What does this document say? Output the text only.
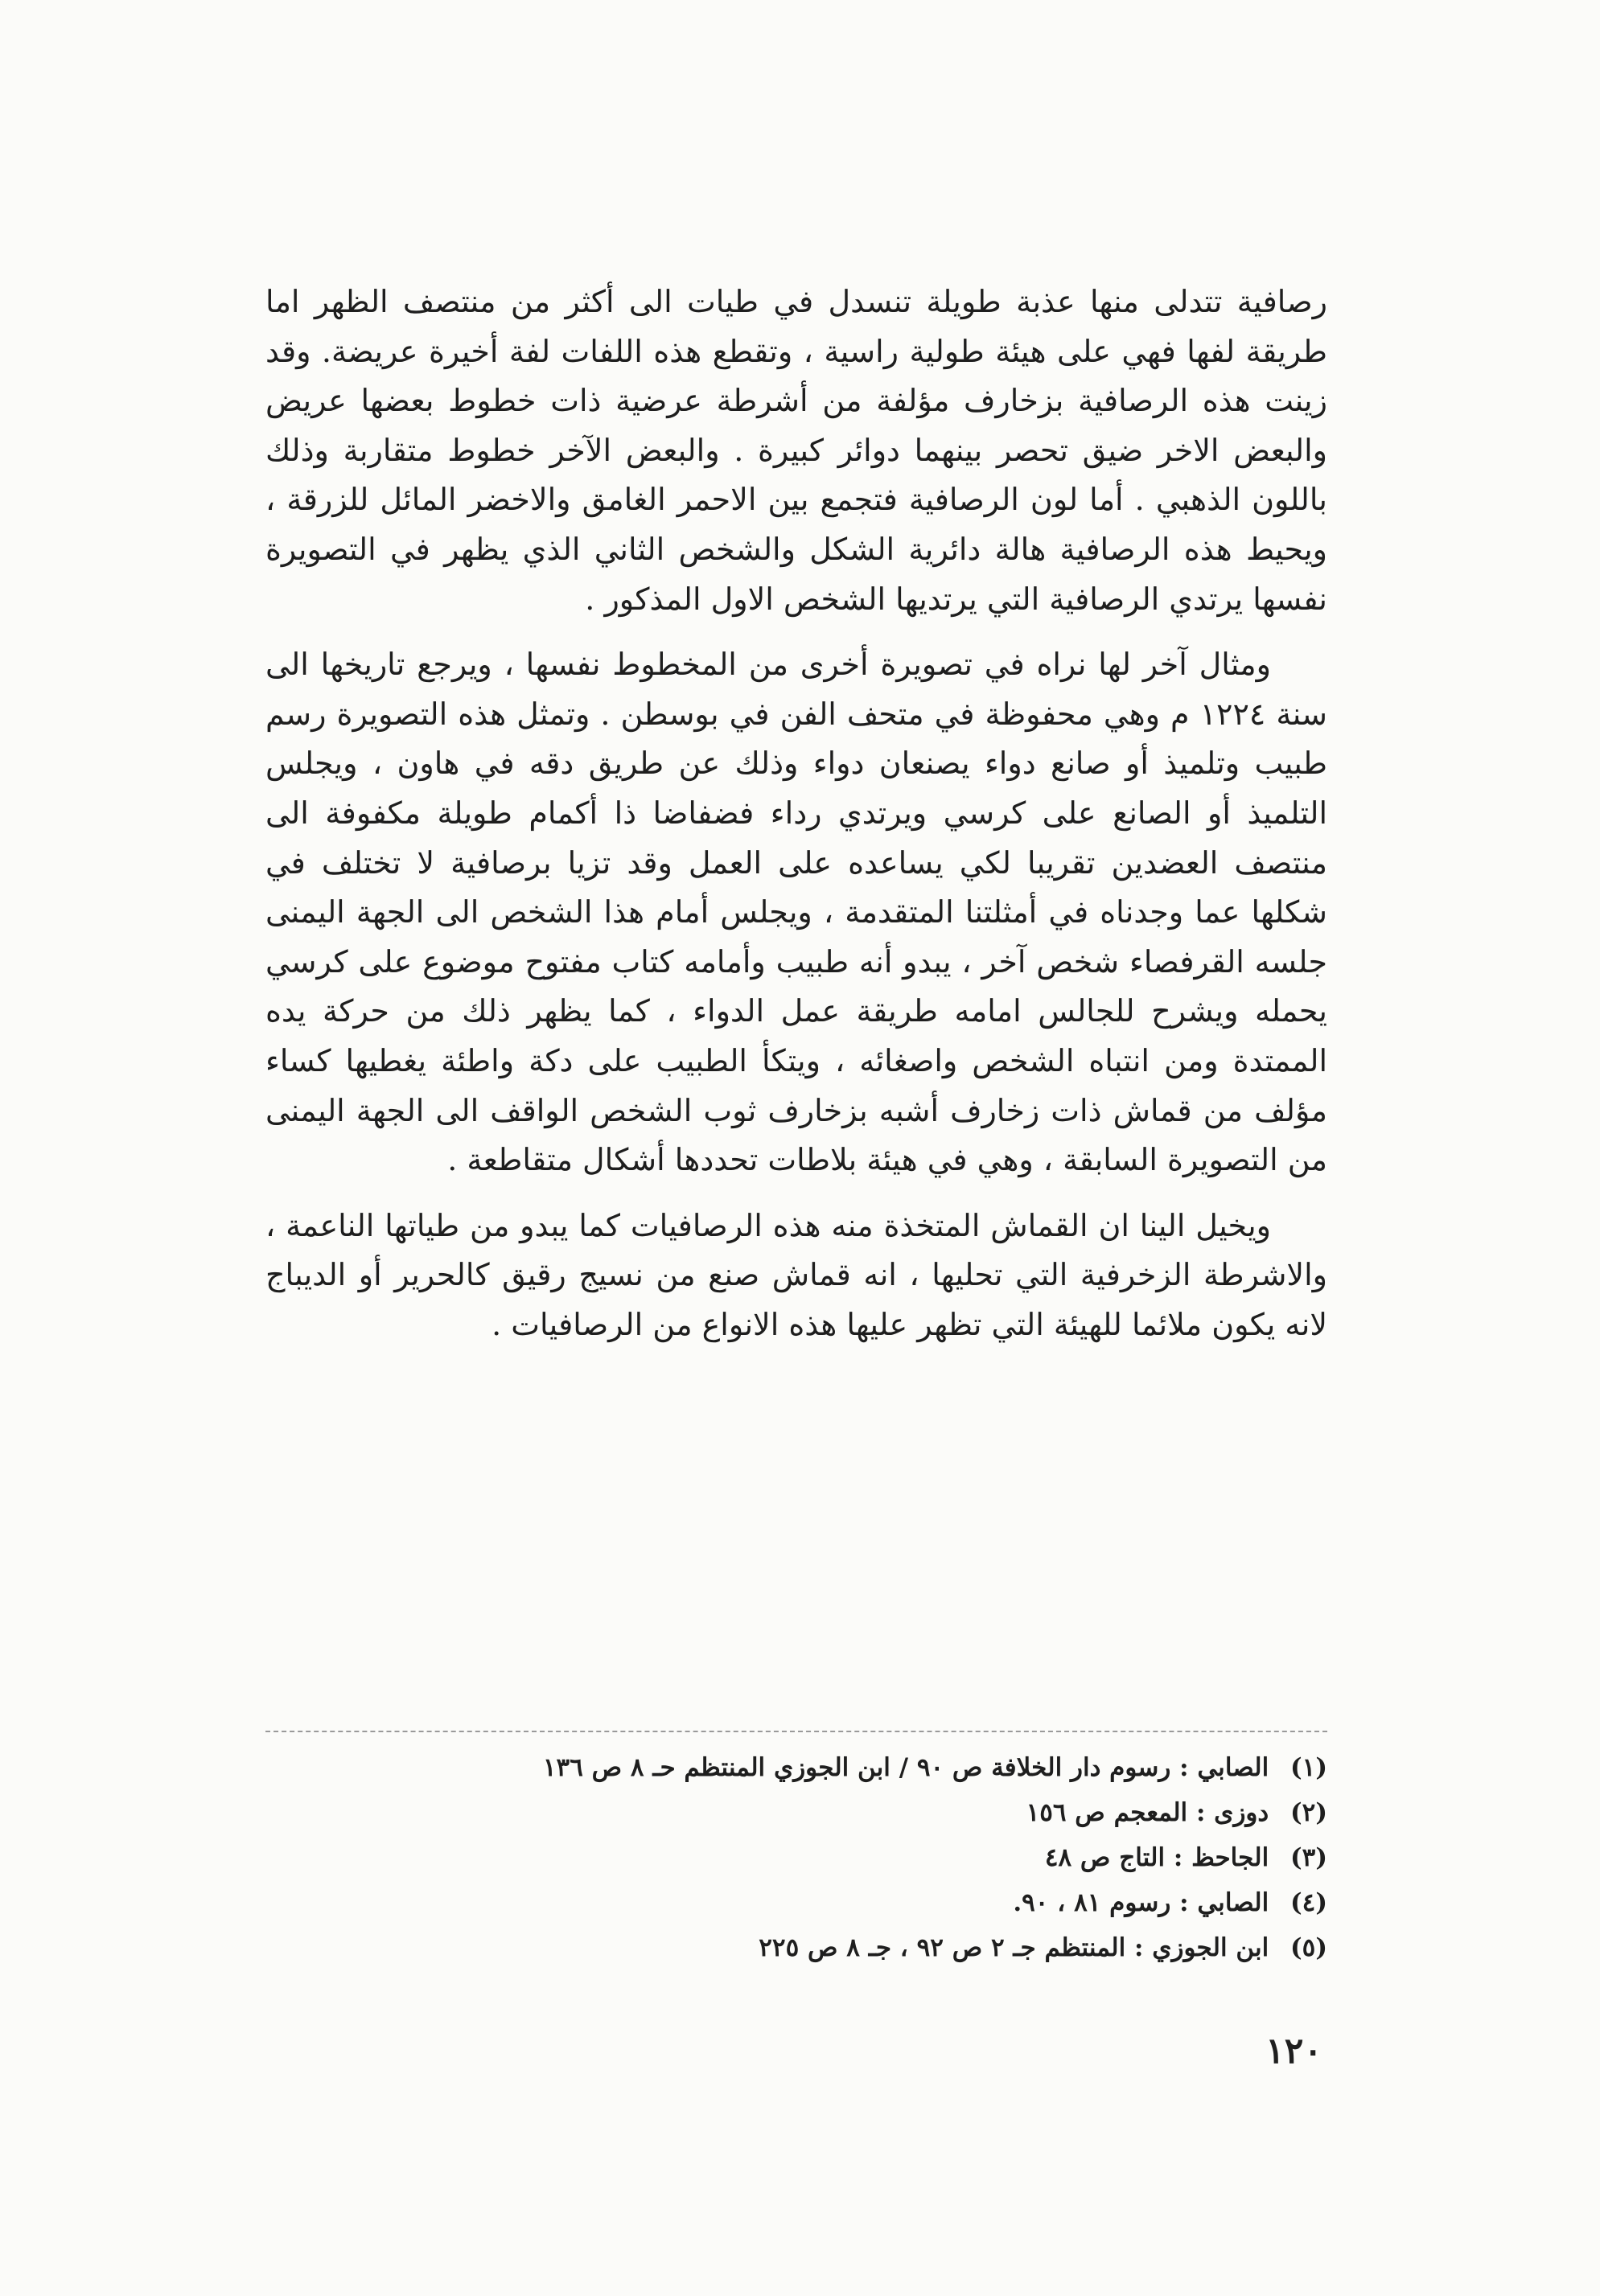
رصافية تتدلى منها عذبة طويلة تنسدل في طيات الى أكثر من منتصف الظهر اما طريقة لفها فهي على هيئة طولية راسية ، وتقطع هذه اللفات لفة أخيرة عريضة. وقد زينت هذه الرصافية بزخارف مؤلفة من أشرطة عرضية ذات خطوط بعضها عريض والبعض الاخر ضيق تحصر بينهما دوائر كبيرة . والبعض الآخر خطوط متقاربة وذلك باللون الذهبي . أما لون الرصافية فتجمع بين الاحمر الغامق والاخضر المائل للزرقة ، ويحيط هذه الرصافية هالة دائرية الشكل والشخص الثاني الذي يظهر في التصويرة نفسها يرتدي الرصافية التي يرتديها الشخص الاول المذكور .

ومثال آخر لها نراه في تصويرة أخرى من المخطوط نفسها ، ويرجع تاريخها الى سنة ١٢٢٤ م وهي محفوظة في متحف الفن في بوسطن . وتمثل هذه التصويرة رسم طبيب وتلميذ أو صانع دواء يصنعان دواء وذلك عن طريق دقه في هاون ، ويجلس التلميذ أو الصانع على كرسي ويرتدي رداء فضفاضا ذا أكمام طويلة مكفوفة الى منتصف العضدين تقريبا لكي يساعده على العمل وقد تزيا برصافية لا تختلف في شكلها عما وجدناه في أمثلتنا المتقدمة ، ويجلس أمام هذا الشخص الى الجهة اليمنى جلسه القرفصاء شخص آخر ، يبدو أنه طبيب وأمامه كتاب مفتوح موضوع على كرسي يحمله ويشرح للجالس امامه طريقة عمل الدواء ، كما يظهر ذلك من حركة يده الممتدة ومن انتباه الشخص واصغائه ، ويتكأ الطبيب على دكة واطئة يغطيها كساء مؤلف من قماش ذات زخارف أشبه بزخارف ثوب الشخص الواقف الى الجهة اليمنى من التصويرة السابقة ، وهي في هيئة بلاطات تحددها أشكال متقاطعة .

ويخيل الينا ان القماش المتخذة منه هذه الرصافيات كما يبدو من طياتها الناعمة ، والاشرطة الزخرفية التي تحليها ، انه قماش صنع من نسيج رقيق كالحرير أو الديباج لانه يكون ملائما للهيئة التي تظهر عليها هذه الانواع من الرصافيات .

(١) الصابي : رسوم دار الخلافة ص ٩٠ / ابن الجوزي المنتظم حـ ٨ ص ١٣٦

(٢) دوزى : المعجم ص ١٥٦

(٣) الجاحظ : التاج ص ٤٨

(٤) الصابي : رسوم ٨١ ، ٩٠.

(٥) ابن الجوزي : المنتظم جـ ٢ ص ٩٢ ، جـ ٨ ص ٢٢٥

١٢٠
